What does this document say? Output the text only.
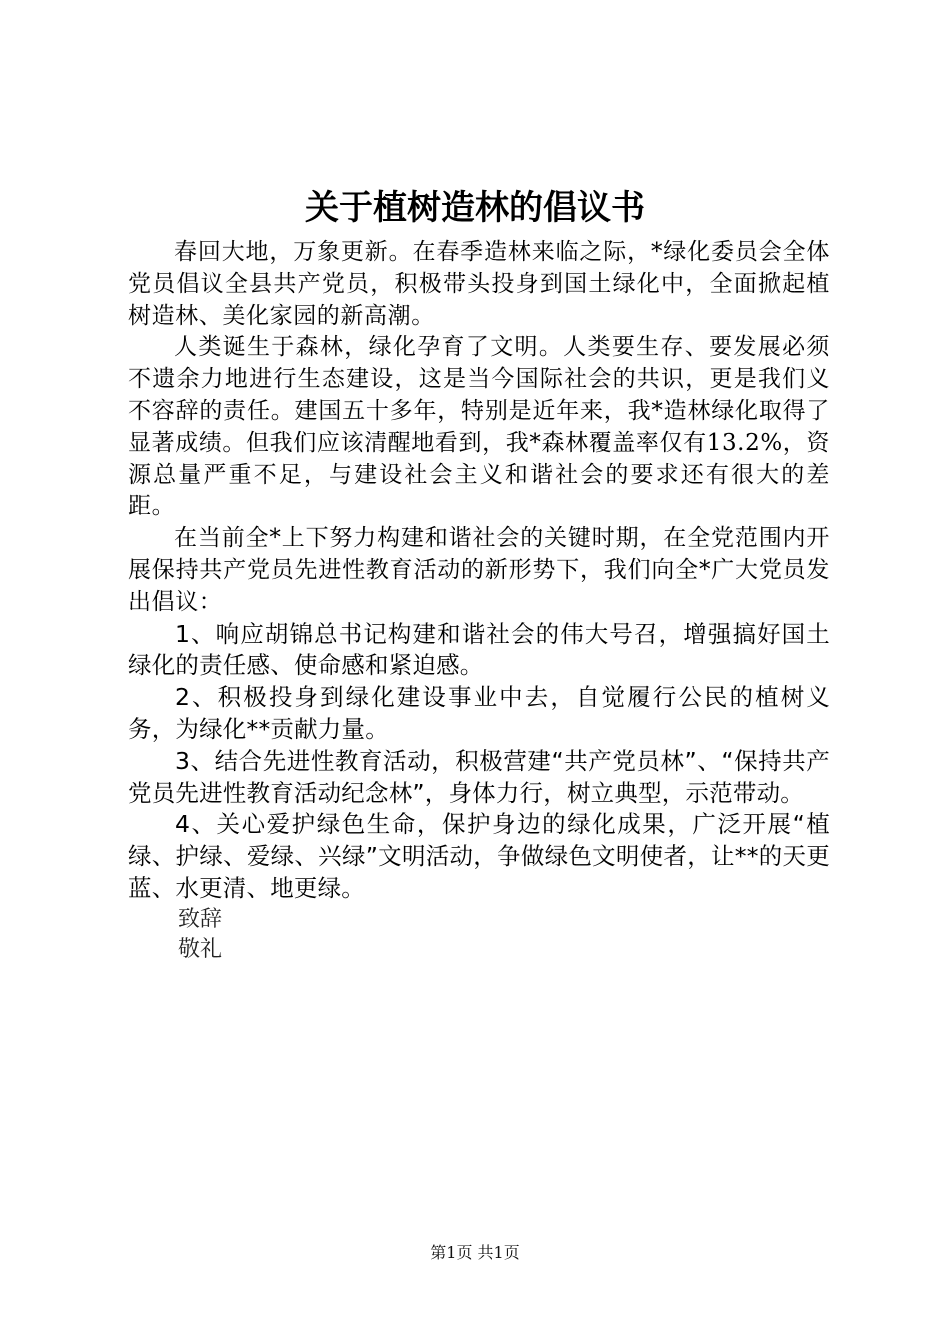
关于植树造林的倡议书

春回大地，万象更新。在春季造林来临之际，*绿化委员会全体党员倡议全县共产党员，积极带头投身到国土绿化中，全面掀起植树造林、美化家园的新高潮。

人类诞生于森林，绿化孕育了文明。人类要生存、要发展必须不遗余力地进行生态建设，这是当今国际社会的共识，更是我们义不容辞的责任。建国五十多年，特别是近年来，我*造林绿化取得了显著成绩。但我们应该清醒地看到，我*森林覆盖率仅有13.2%，资源总量严重不足，与建设社会主义和谐社会的要求还有很大的差距。

在当前全*上下努力构建和谐社会的关键时期，在全党范围内开展保持共产党员先进性教育活动的新形势下，我们向全*广大党员发出倡议：

1、响应胡锦总书记构建和谐社会的伟大号召，增强搞好国土绿化的责任感、使命感和紧迫感。

2、积极投身到绿化建设事业中去，自觉履行公民的植树义务，为绿化**贡献力量。

3、结合先进性教育活动，积极营建“共产党员林”、“保持共产党员先进性教育活动纪念林”，身体力行，树立典型，示范带动。

4、关心爱护绿色生命，保护身边的绿化成果，广泛开展“植绿、护绿、爱绿、兴绿”文明活动，争做绿色文明使者，让**的天更蓝、水更清、地更绿。

致辞

敬礼

第1页 共1页
